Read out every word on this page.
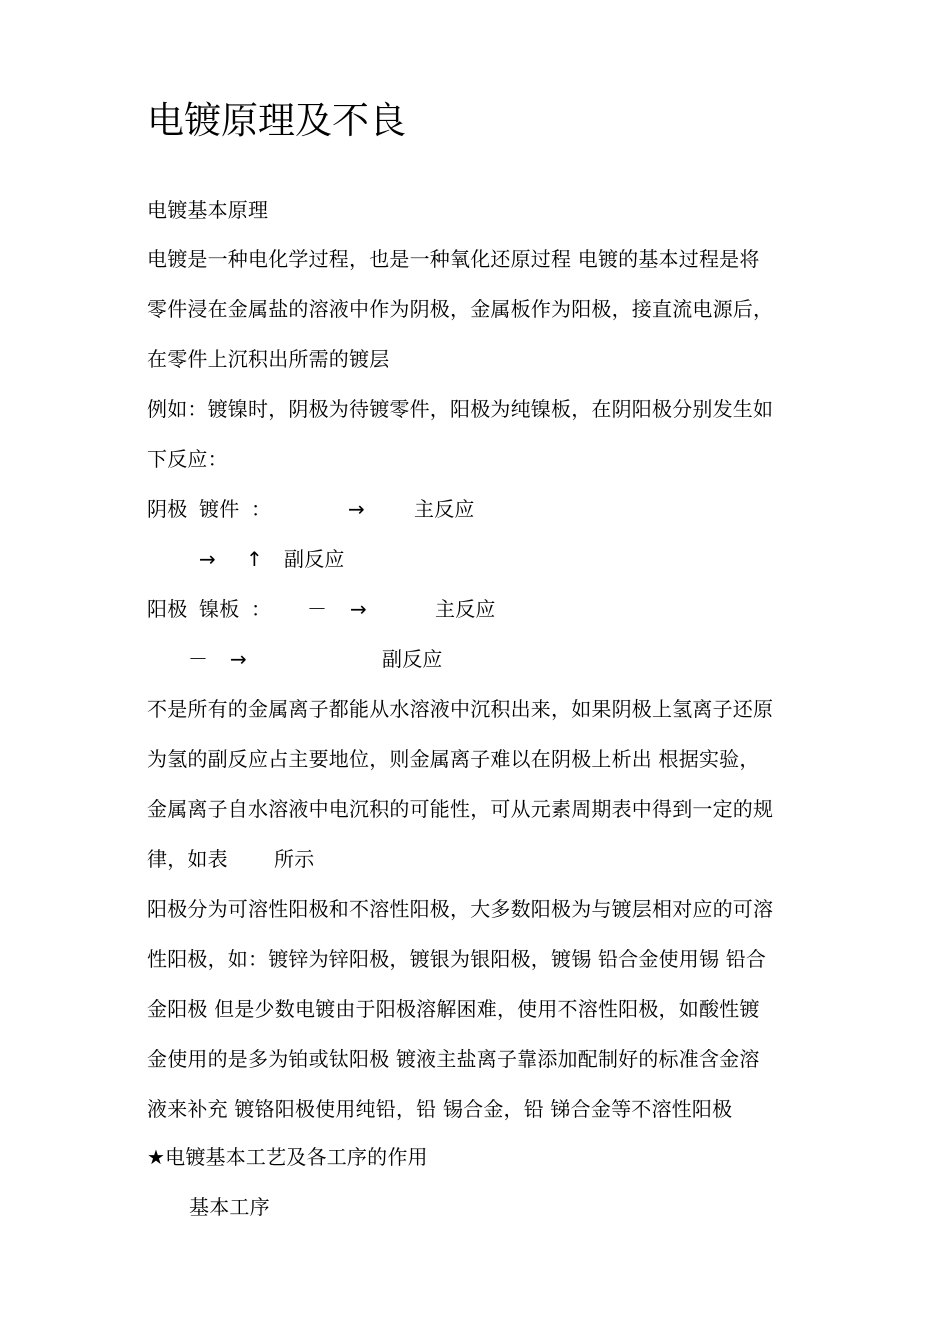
电镀原理及不良
电镀基本原理
电镀是一种电化学过程，也是一种氧化还原过程 电镀的基本过程是将
零件浸在金属盐的溶液中作为阴极，金属板作为阳极，接直流电源后，
在零件上沉积出所需的镀层
例如：镀镍时，阴极为待镀零件，阳极为纯镍板，在阴阳极分别发生如
下反应：
阴极 镀件 ：	→ 主反应
→ ↑ 副反应
阳极 镍板 ： － →	主反应
－ →	副反应
不是所有的金属离子都能从水溶液中沉积出来，如果阴极上氢离子还原
为氢的副反应占主要地位，则金属离子难以在阴极上析出 根据实验，
金属离子自水溶液中电沉积的可能性，可从元素周期表中得到一定的规
律，如表 所示
阳极分为可溶性阳极和不溶性阳极，大多数阳极为与镀层相对应的可溶
性阳极，如：镀锌为锌阳极，镀银为银阳极，镀锡 铅合金使用锡 铅合
金阳极 但是少数电镀由于阳极溶解困难，使用不溶性阳极，如酸性镀
金使用的是多为铂或钛阳极 镀液主盐离子靠添加配制好的标准含金溶
液来补充 镀铬阳极使用纯铅，铅 锡合金，铅 锑合金等不溶性阳极
★电镀基本工艺及各工序的作用
基本工序
